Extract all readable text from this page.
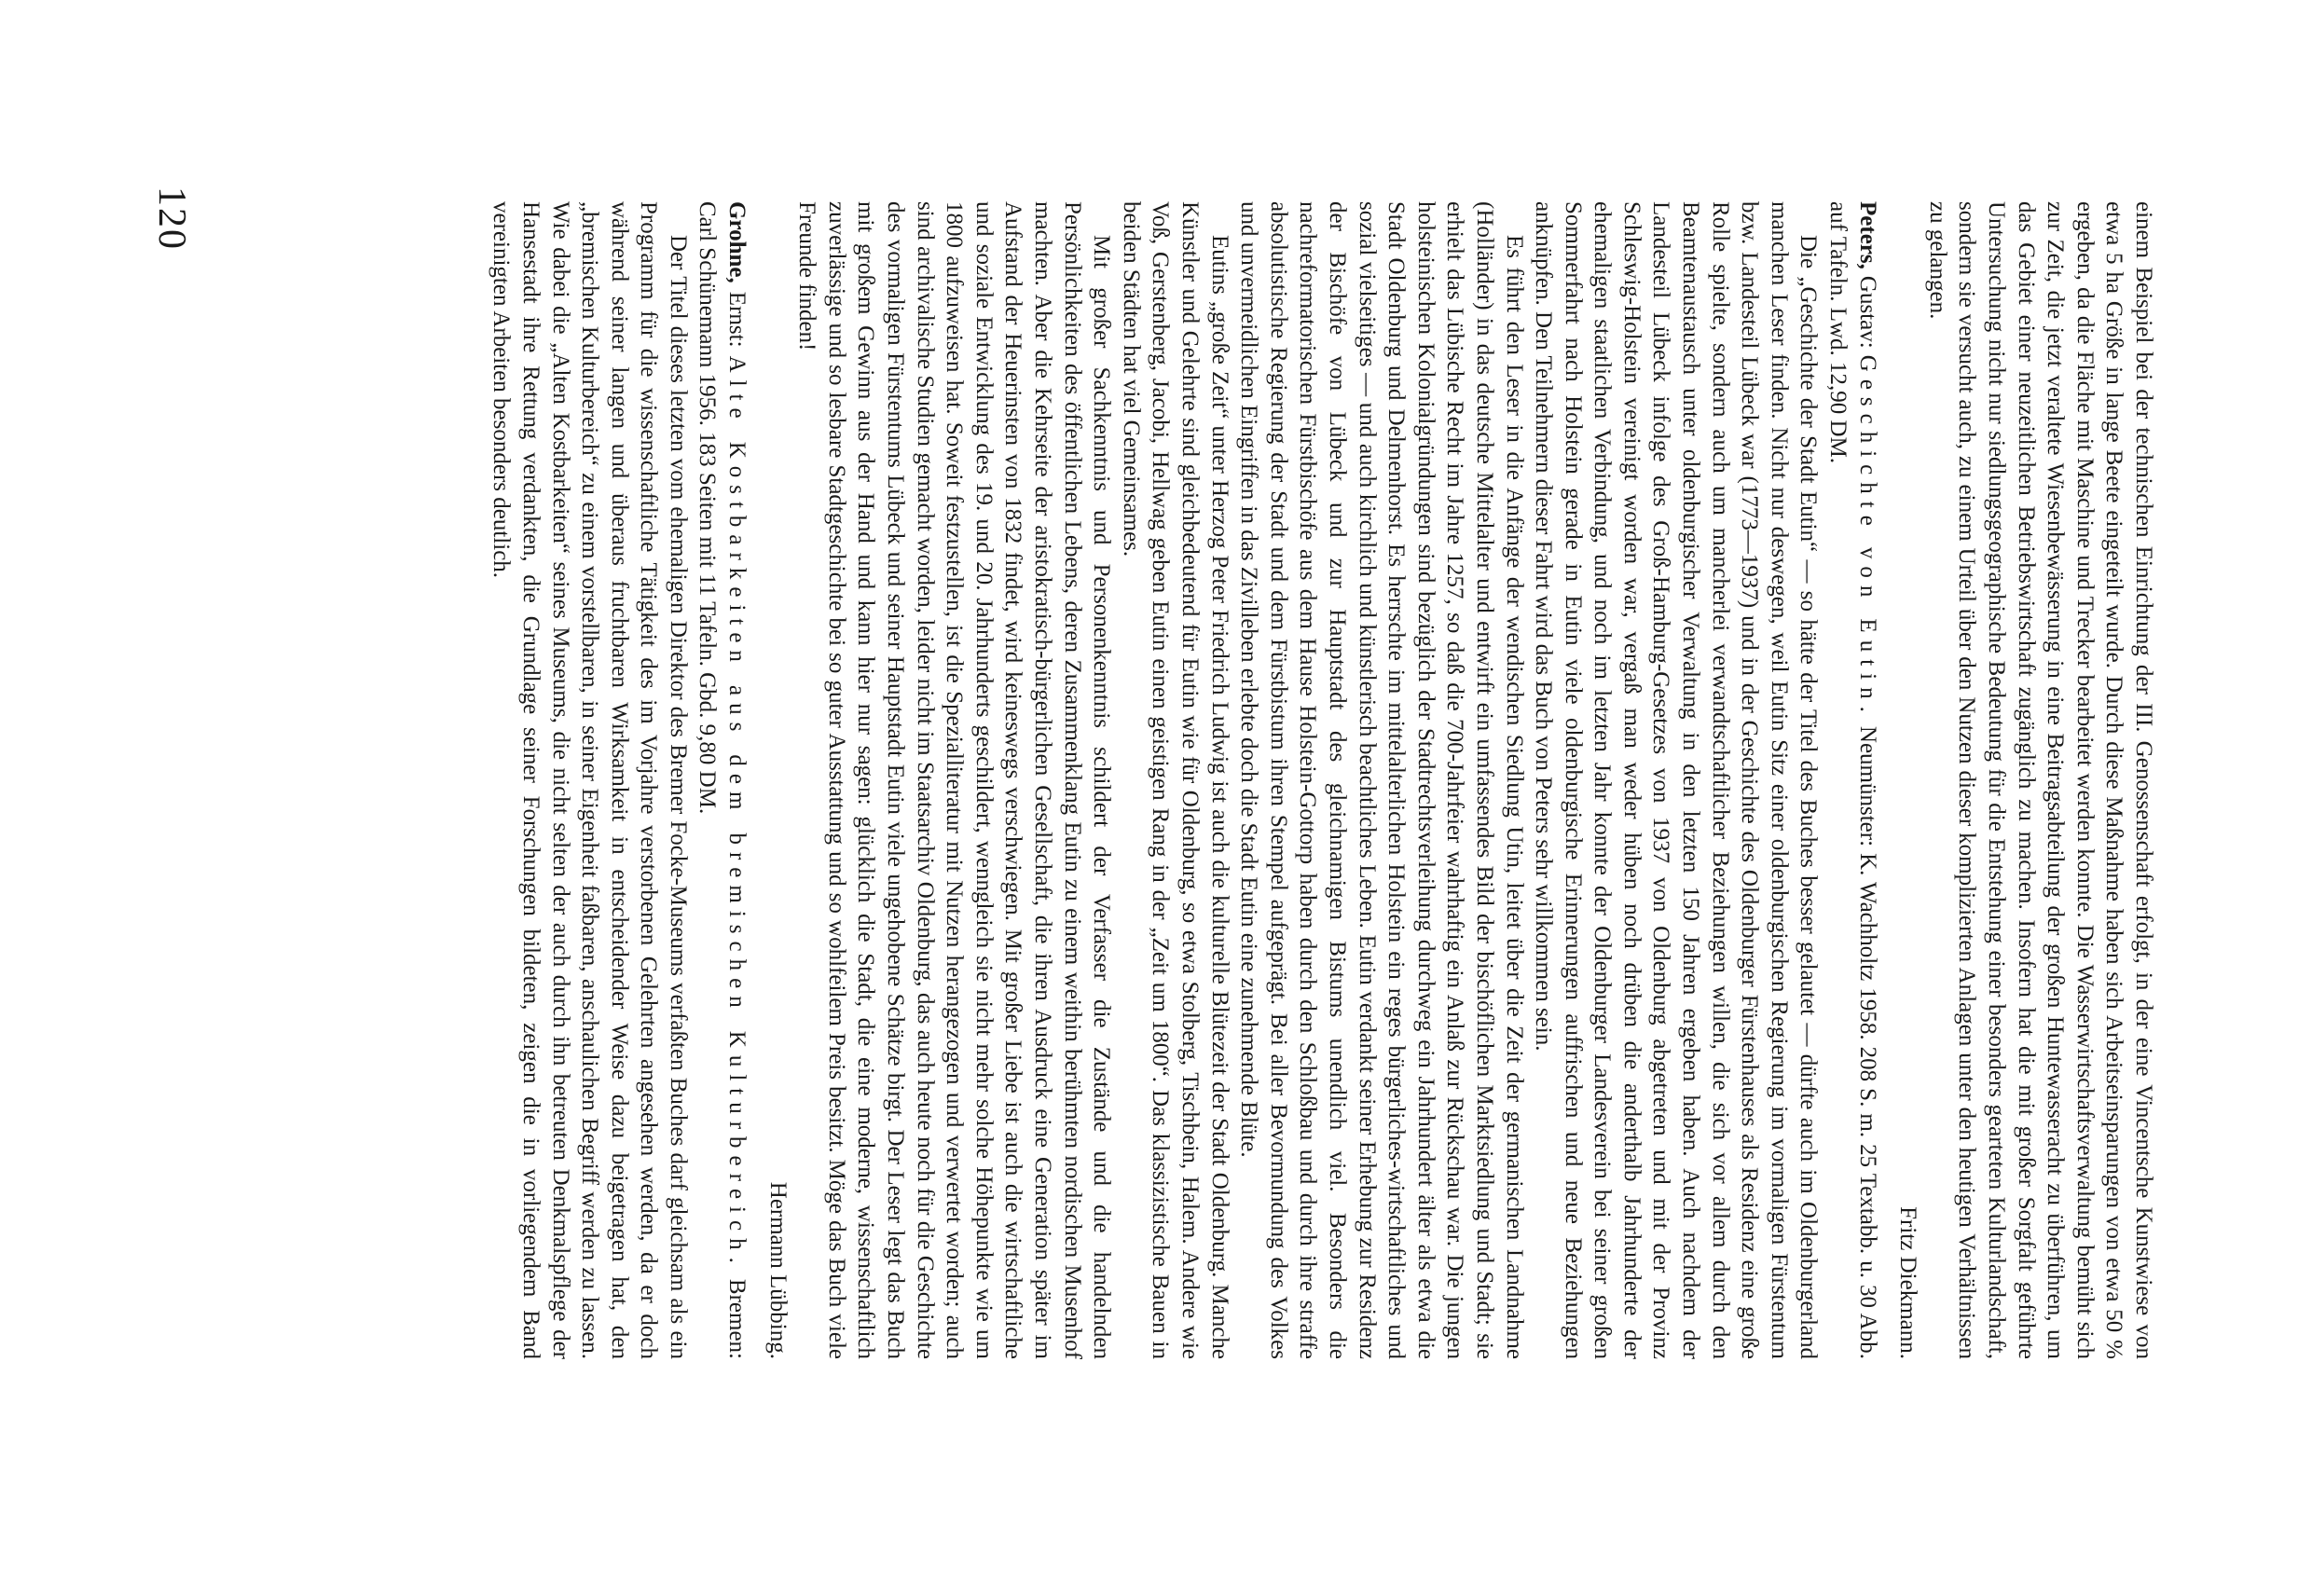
einem Beispiel bei der technischen Einrichtung der III. Genossenschaft erfolgt, in der eine Vincentsche Kunstwiese von etwa 5 ha Größe in lange Beete eingeteilt wurde. Durch diese Maßnahme haben sich Arbeitseinsparungen von etwa 50 % ergeben, da die Fläche mit Maschine und Trecker bearbeitet werden konnte. Die Wasserwirtschaftsverwaltung bemüht sich zur Zeit, die jetzt veraltete Wiesenbewässerung in eine Beitragsabteilung der großen Huntewasseracht zu überführen, um das Gebiet einer neuzeitlichen Betriebswirtschaft zugänglich zu machen. Insofern hat die mit großer Sorgfalt geführte Untersuchung nicht nur siedlungsgeographische Bedeutung für die Entstehung einer besonders gearteten Kulturlandschaft, sondern sie versucht auch, zu einem Urteil über den Nutzen dieser komplizierten Anlagen unter den heutigen Verhältnissen zu gelangen.

Fritz Diekmann.

Peters, Gustav: Geschichte von Eutin. Neumünster: K. Wachholtz 1958. 208 S. m. 25 Textabb. u. 30 Abb. auf Tafeln. Lwd. 12,90 DM.

Die „Geschichte der Stadt Eutin“ — so hätte der Titel des Buches besser gelautet — dürfte auch im Oldenburgerland manchen Leser finden. Nicht nur deswegen, weil Eutin Sitz einer oldenburgischen Regierung im vormaligen Fürstentum bzw. Landesteil Lübeck war (1773—1937) und in der Geschichte des Oldenburger Fürstenhauses als Residenz eine große Rolle spielte, sondern auch um mancherlei verwandtschaftlicher Beziehungen willen, die sich vor allem durch den Beamtenaustausch unter oldenburgischer Verwaltung in den letzten 150 Jahren ergeben haben. Auch nachdem der Landesteil Lübeck infolge des Groß-Hamburg-Gesetzes von 1937 von Oldenburg abgetreten und mit der Provinz Schleswig-Holstein vereinigt worden war, vergaß man weder hüben noch drüben die anderthalb Jahrhunderte der ehemaligen staatlichen Verbindung, und noch im letzten Jahr konnte der Oldenburger Landesverein bei seiner großen Sommerfahrt nach Holstein gerade in Eutin viele oldenburgische Erinnerungen auffrischen und neue Beziehungen anknüpfen. Den Teilnehmern dieser Fahrt wird das Buch von Peters sehr willkommen sein.

Es führt den Leser in die Anfänge der wendischen Siedlung Utin, leitet über die Zeit der germanischen Landnahme (Holländer) in das deutsche Mittelalter und entwirft ein umfassendes Bild der bischöflichen Marktsiedlung und Stadt; sie erhielt das Lübische Recht im Jahre 1257, so daß die 700-Jahrfeier wahrhaftig ein Anlaß zur Rückschau war. Die jungen holsteinischen Kolonialgründungen sind bezüglich der Stadtrechtsverleihung durchweg ein Jahrhundert älter als etwa die Stadt Oldenburg und Delmenhorst. Es herrschte im mittelalterlichen Holstein ein reges bürgerliches-wirtschaftliches und sozial vielseitiges — und auch kirchlich und künstlerisch beachtliches Leben. Eutin verdankt seiner Erhebung zur Residenz der Bischöfe von Lübeck und zur Hauptstadt des gleichnamigen Bistums unendlich viel. Besonders die nachreformatorischen Fürstbischöfe aus dem Hause Holstein-Gottorp haben durch den Schloßbau und durch ihre straffe absolutistische Regierung der Stadt und dem Fürstbistum ihren Stempel aufgeprägt. Bei aller Bevormundung des Volkes und unvermeidlichen Eingriffen in das Zivilleben erlebte doch die Stadt Eutin eine zunehmende Blüte.

Eutins „große Zeit“ unter Herzog Peter Friedrich Ludwig ist auch die kulturelle Blütezeit der Stadt Oldenburg. Manche Künstler und Gelehrte sind gleichbedeutend für Eutin wie für Oldenburg, so etwa Stolberg, Tischbein, Halem. Andere wie Voß, Gerstenberg, Jacobi, Hellwag geben Eutin einen geistigen Rang in der „Zeit um 1800“. Das klassizistische Bauen in beiden Städten hat viel Gemeinsames.

Mit großer Sachkenntnis und Personenkenntnis schildert der Verfasser die Zustände und die handelnden Persönlichkeiten des öffentlichen Lebens, deren Zusammenklang Eutin zu einem weithin berühmten nordischen Musenhof machten. Aber die Kehrseite der aristokratisch-bürgerlichen Gesellschaft, die ihren Ausdruck eine Generation später im Aufstand der Heuerinsten von 1832 findet, wird keineswegs verschwiegen. Mit großer Liebe ist auch die wirtschaftliche und soziale Entwicklung des 19. und 20. Jahrhunderts geschildert, wenngleich sie nicht mehr solche Höhepunkte wie um 1800 aufzuweisen hat. Soweit festzustellen, ist die Spezialliteratur mit Nutzen herangezogen und verwertet worden; auch sind archivalische Studien gemacht worden, leider nicht im Staatsarchiv Oldenburg, das auch heute noch für die Geschichte des vormaligen Fürstentums Lübeck und seiner Hauptstadt Eutin viele ungehobene Schätze birgt. Der Leser legt das Buch mit großem Gewinn aus der Hand und kann hier nur sagen: glücklich die Stadt, die eine moderne, wissenschaftlich zuverlässige und so lesbare Stadtgeschichte bei so guter Ausstattung und so wohlfeilem Preis besitzt. Möge das Buch viele Freunde finden!

Hermann Lübbing.

Grohne, Ernst: Alte Kostbarkeiten aus dem bremischen Kulturbereich. Bremen: Carl Schünemann 1956. 183 Seiten mit 11 Tafeln. Gbd. 9,80 DM.

Der Titel dieses letzten vom ehemaligen Direktor des Bremer Focke-Museums verfaßten Buches darf gleichsam als ein Programm für die wissenschaftliche Tätigkeit des im Vorjahre verstorbenen Gelehrten angesehen werden, da er doch während seiner langen und überaus fruchtbaren Wirksamkeit in entscheidender Weise dazu beigetragen hat, den „bremischen Kulturbereich“ zu einem vorstellbaren, in seiner Eigenheit faßbaren, anschaulichen Begriff werden zu lassen. Wie dabei die „Alten Kostbarkeiten“ seines Museums, die nicht selten der auch durch ihn betreuten Denkmalspflege der Hansestadt ihre Rettung verdankten, die Grundlage seiner Forschungen bildeten, zeigen die in vorliegendem Band vereinigten Arbeiten besonders deutlich.

120
